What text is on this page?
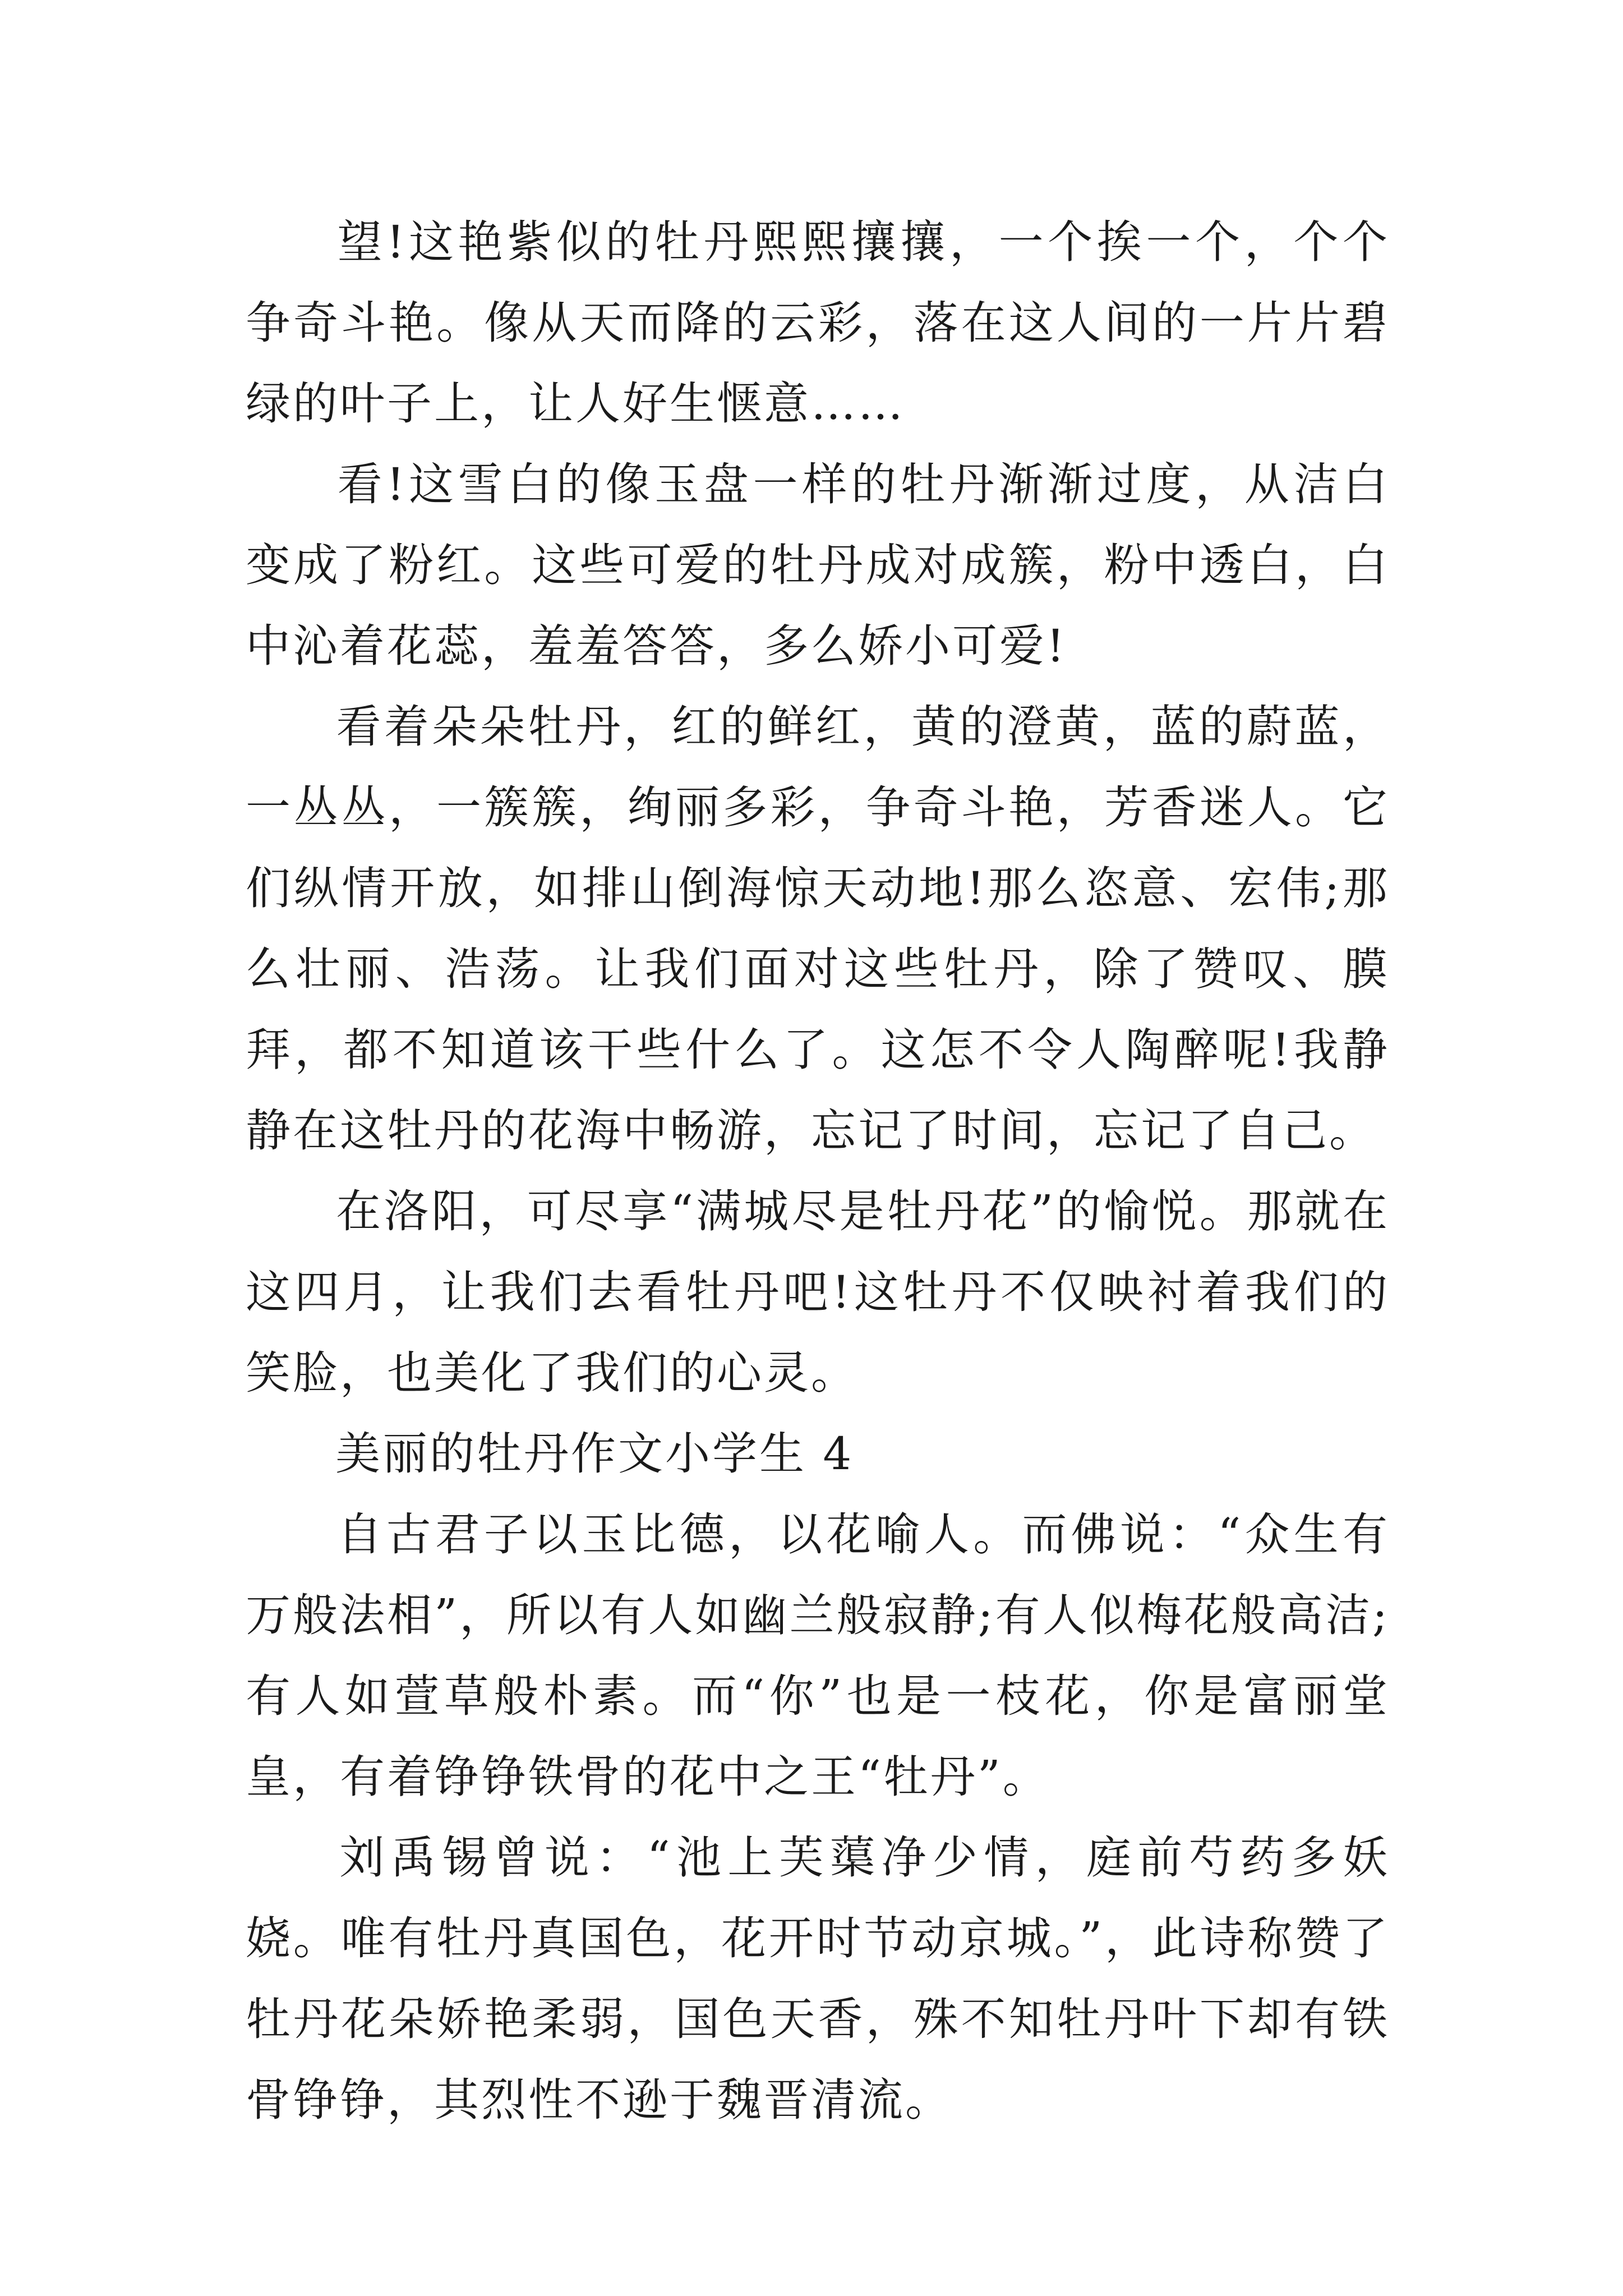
望!这艳紫似的牡丹熙熙攘攘，一个挨一个，个个争奇斗艳。像从天而降的云彩，落在这人间的一片片碧绿的叶子上，让人好生惬意……

看!这雪白的像玉盘一样的牡丹渐渐过度，从洁白变成了粉红。这些可爱的牡丹成对成簇，粉中透白，白中沁着花蕊，羞羞答答，多么娇小可爱!

看着朵朵牡丹，红的鲜红，黄的澄黄，蓝的蔚蓝，一丛丛，一簇簇，绚丽多彩，争奇斗艳，芳香迷人。它们纵情开放，如排山倒海惊天动地!那么恣意、宏伟;那么壮丽、浩荡。让我们面对这些牡丹，除了赞叹、膜拜，都不知道该干些什么了。这怎不令人陶醉呢!我静静在这牡丹的花海中畅游，忘记了时间，忘记了自己。

在洛阳，可尽享“满城尽是牡丹花”的愉悦。那就在这四月，让我们去看牡丹吧!这牡丹不仅映衬着我们的笑脸，也美化了我们的心灵。

美丽的牡丹作文小学生 4

自古君子以玉比德，以花喻人。而佛说：“众生有万般法相”，所以有人如幽兰般寂静;有人似梅花般高洁;有人如萱草般朴素。而“你”也是一枝花，你是富丽堂皇，有着铮铮铁骨的花中之王“牡丹”。

刘禹锡曾说：“池上芙蕖净少情，庭前芍药多妖娆。唯有牡丹真国色，花开时节动京城。”，此诗称赞了牡丹花朵娇艳柔弱，国色天香，殊不知牡丹叶下却有铁骨铮铮，其烈性不逊于魏晋清流。
